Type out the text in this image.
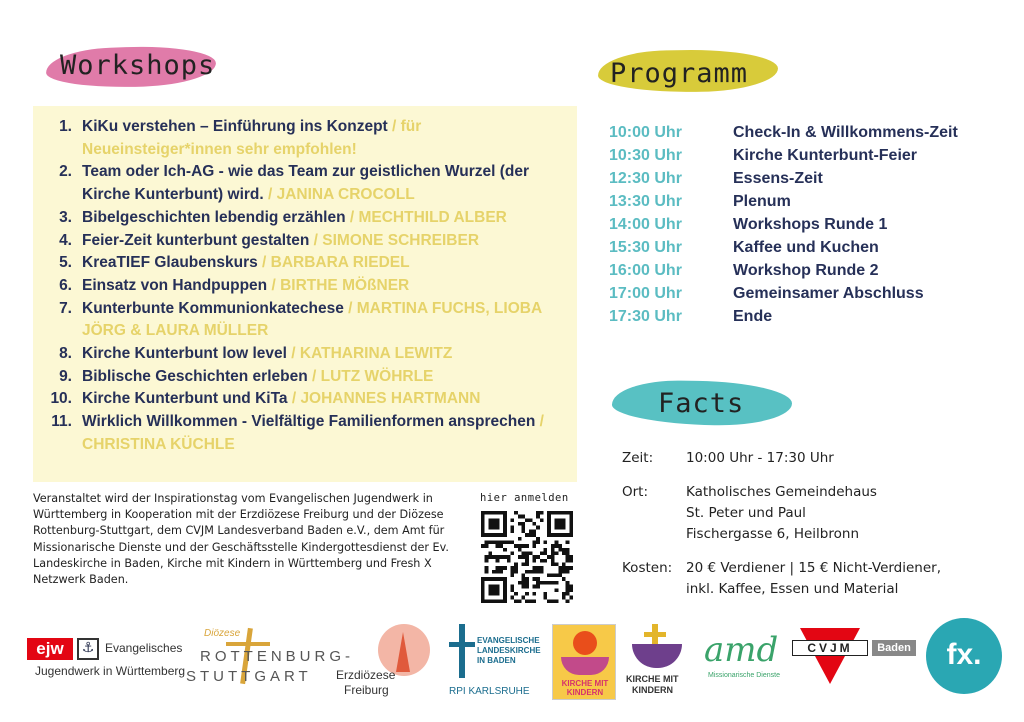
Workshops
1. KiKu verstehen – Einführung ins Konzept / für Neueinsteiger*innen sehr empfohlen!
2. Team oder Ich-AG - wie das Team zur geistlichen Wurzel (der Kirche Kunterbunt) wird. / JANINA CROCOLL
3. Bibelgeschichten lebendig erzählen / MECHTHILD ALBER
4. Feier-Zeit kunterbunt gestalten / SIMONE SCHREIBER
5. KreaTIEF Glaubenskurs / BARBARA RIEDEL
6. Einsatz von Handpuppen / BIRTHE MÖßNER
7. Kunterbunte Kommunionkatechese / MARTINA FUCHS, LIOBA JÖRG & LAURA MÜLLER
8. Kirche Kunterbunt low level / KATHARINA LEWITZ
9. Biblische Geschichten erleben / LUTZ WÖHRLE
10. Kirche Kunterbunt und KiTa / JOHANNES HARTMANN
11. Wirklich Willkommen - Vielfältige Familienformen ansprechen / CHRISTINA KÜCHLE
Programm
10:00 Uhr	Check-In & Willkommens-Zeit
10:30 Uhr	Kirche Kunterbunt-Feier
12:30 Uhr	Essens-Zeit
13:30 Uhr	Plenum
14:00 Uhr	Workshops Runde 1
15:30 Uhr	Kaffee und Kuchen
16:00 Uhr	Workshop Runde 2
17:00 Uhr	Gemeinsamer Abschluss
17:30 Uhr	Ende
Facts
Zeit:	10:00 Uhr - 17:30 Uhr
Ort:	Katholisches Gemeindehaus
St. Peter und Paul
Fischergasse 6, Heilbronn
Kosten:	20 € Verdiener | 15 € Nicht-Verdiener,
inkl. Kaffee, Essen und Material

Veranstaltet wird der Inspirationstag vom Evangelischen Jugendwerk in Württemberg in Kooperation mit der Erzdiözese Freiburg und der Diözese Rottenburg-Stuttgart, dem CVJM Landesverband Baden e.V., dem Amt für Missionarische Dienste und der Geschäftsstelle Kindergottesdienst der Ev. Landeskirche in Baden, Kirche mit Kindern in Württemberg und Fresh X Netzwerk Baden.

hier anmelden
ejw	⚓ Evangelisches
Jugendwerk in Württemberg
Diözese
ROTTENBURG-
STUTTGART Erzdiözese
Freiburg
EVANGELISCHE
LANDESKIRCHE
IN BADEN
RPI KARLSRUHE
KIRCHE MIT KINDERN
KIRCHE MIT
KINDERN
amd
Missionarische Dienste
CVJM	Baden	fx.
